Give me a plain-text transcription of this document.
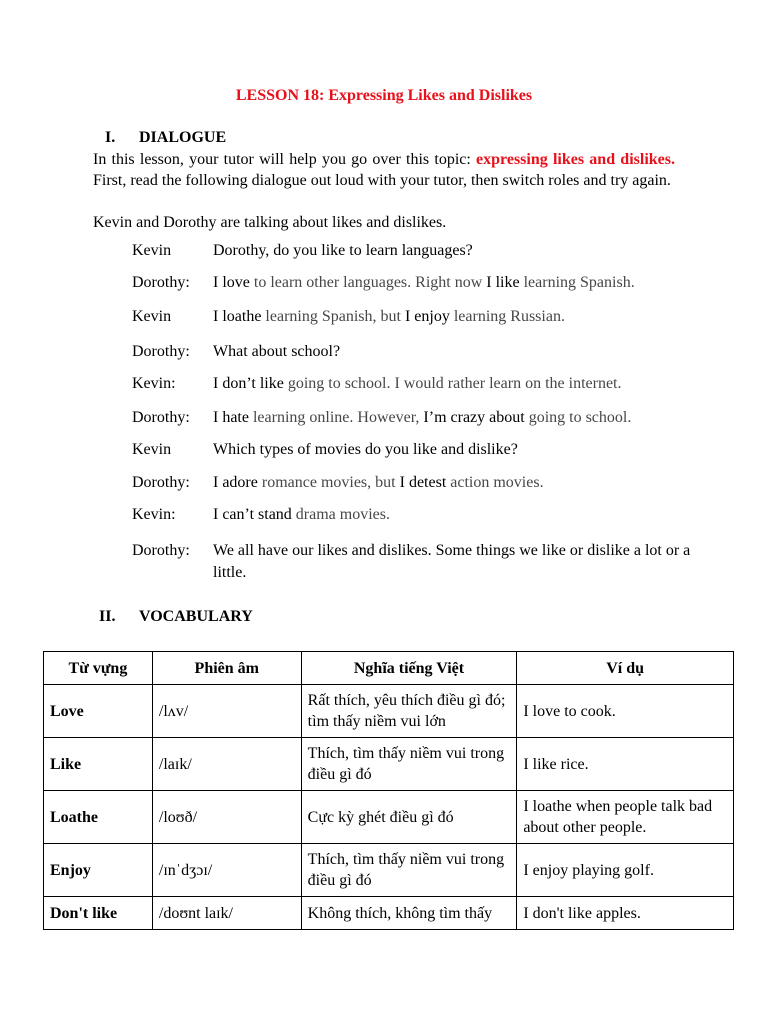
LESSON 18: Expressing Likes and Dislikes
I. DIALOGUE
In this lesson, your tutor will help you go over this topic: expressing likes and dislikes. First, read the following dialogue out loud with your tutor, then switch roles and try again.
Kevin and Dorothy are talking about likes and dislikes.
Kevin	Dorothy, do you like to learn languages?
Dorothy: I love to learn other languages. Right now I like learning Spanish.
Kevin	I loathe learning Spanish, but I enjoy learning Russian.
Dorothy: What about school?
Kevin: I don’t like going to school. I would rather learn on the internet.
Dorothy: I hate learning online. However, I’m crazy about going to school.
Kevin	Which types of movies do you like and dislike?
Dorothy: I adore romance movies, but I detest action movies.
Kevin: I can’t stand drama movies.
Dorothy: We all have our likes and dislikes. Some things we like or dislike a lot or a little.
II. VOCABULARY
Từ vựng	Phiên âm	Nghĩa tiếng Việt	Ví dụ
Love	/lʌv/	Rất thích, yêu thích điều gì đó; tìm thấy niềm vui lớn	I love to cook.
Like	/laɪk/	Thích, tìm thấy niềm vui trong điều gì đó	I like rice.
Loathe	/loʊð/	Cực kỳ ghét điều gì đó	I loathe when people talk bad about other people.
Enjoy	/ɪnˈdʒɔɪ/	Thích, tìm thấy niềm vui trong điều gì đó	I enjoy playing golf.
Don't like	/doʊnt laɪk/	Không thích, không tìm thấy	I don't like apples.
